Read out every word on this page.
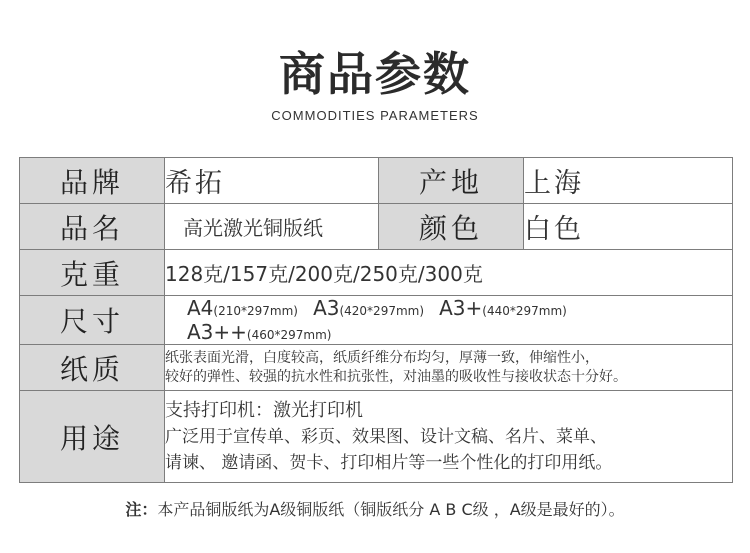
商品参数
COMMODITIES PARAMETERS
品牌	希拓	产地	上海
品名	高光激光铜版纸	颜色	白色
克重	128克/157克/200克/250克/300克		
尺寸	A4(210*297mm) A3(420*297mm) A3+(440*297mm) A3++(460*297mm)		
纸质	纸张表面光滑，白度较高，纸质纤维分布均匀，厚薄一致，伸缩性小，
较好的弹性、较强的抗水性和抗张性，对油墨的吸收性与接收状态十分好。		

用途	支持打印机：激光打印机
广泛用于宣传单、彩页、效果图、设计文稿、名片、菜单、
请谏、 邀请函、贺卡、打印相片等一些个性化的打印用纸。		
注：本产品铜版纸为A级铜版纸（铜版纸分 A B C级 ，A级是最好的）。
